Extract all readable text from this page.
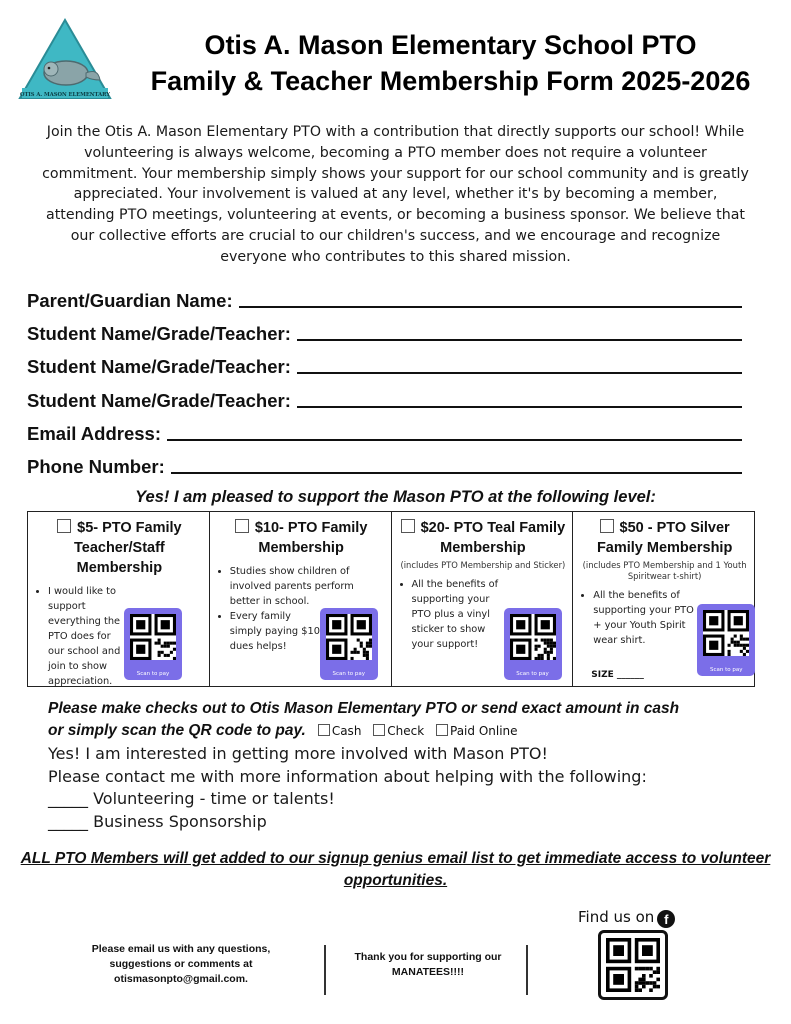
OTIS A. MASON ELEMENTARY
Otis A. Mason Elementary School PTO
Family & Teacher Membership Form 2025-2026
Join the Otis A. Mason Elementary PTO with a contribution that directly supports our school! While volunteering is always welcome, becoming a PTO member does not require a volunteer commitment. Your membership simply shows your support for our school community and is greatly appreciated. Your involvement is valued at any level, whether it's by becoming a member, attending PTO meetings, volunteering at events, or becoming a business sponsor. We believe that our collective efforts are crucial to our children's success, and we encourage and recognize everyone who contributes to this shared mission.
Parent/Guardian Name:
Student Name/Grade/Teacher:
Student Name/Grade/Teacher:
Student Name/Grade/Teacher:
Email Address:
Phone Number:
Yes! I am pleased to support the Mason PTO at the following level:
$5- PTO Family Teacher/Staff Membership
• I would like to support everything the PTO does for our school and join to show appreciation.
Scan to pay
$10- PTO Family Membership
• Studies show children of involved parents perform better in school.
• Every family simply paying $10 dues helps!
Scan to pay
$20- PTO Teal Family Membership
(includes PTO Membership and Sticker)
• All the benefits of supporting your PTO plus a vinyl sticker to show your support!
Scan to pay
$50 - PTO Silver Family Membership
(includes PTO Membership and 1 Youth Spiritwear t-shirt)
• All the benefits of supporting your PTO + your Youth Spirit wear shirt.
Scan to pay
SIZE ______
Please make checks out to Otis Mason Elementary PTO or send exact amount in cash
or simply scan the QR code to pay. Cash Check Paid Online
Yes! I am interested in getting more involved with Mason PTO!
Please contact me with more information about helping with the following:
_____ Volunteering - time or talents!
_____ Business Sponsorship
ALL PTO Members will get added to our signup genius email list to get immediate access to volunteer opportunities.
Please email us with any questions, suggestions or comments at otismasonpto@gmail.com.
Thank you for supporting our MANATEES!!!!
Find us on f
